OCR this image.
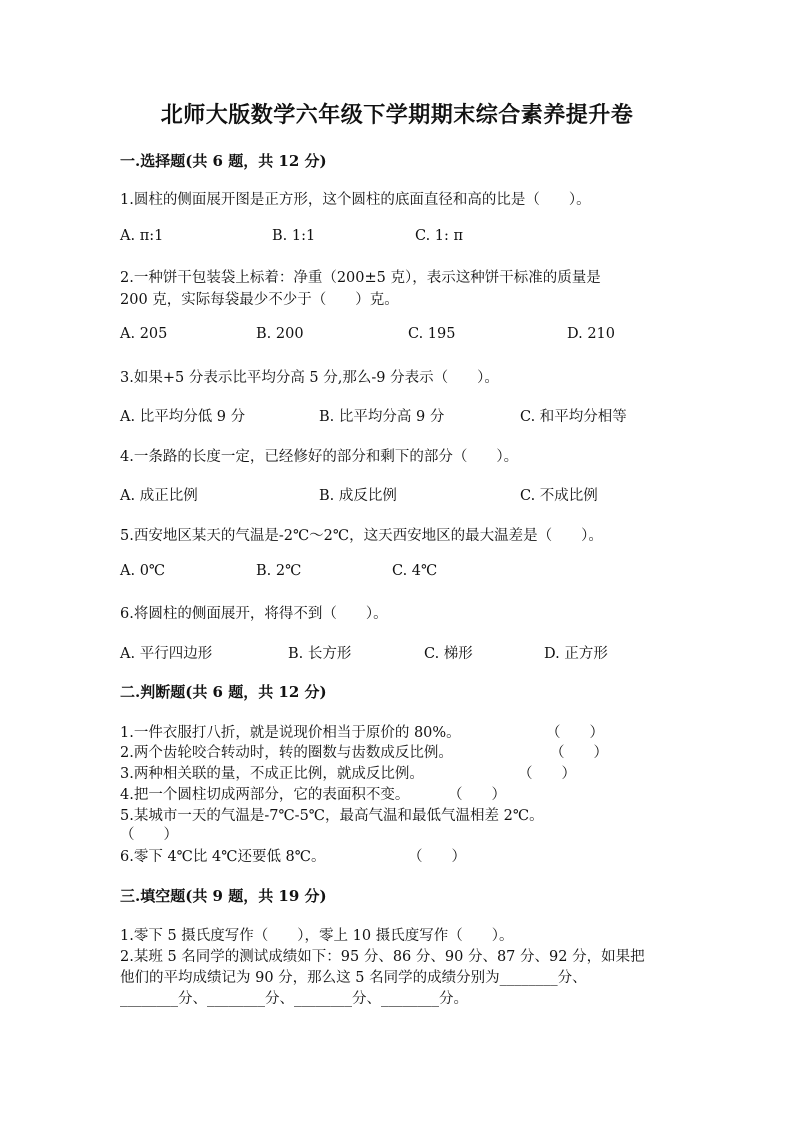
北师大版数学六年级下学期期末综合素养提升卷
一.选择题(共 6 题，共 12 分)
1.圆柱的侧面展开图是正方形，这个圆柱的底面直径和高的比是（　　）。
A. π:1	B. 1:1	C. 1: π
2.一种饼干包装袋上标着：净重（200±5 克），表示这种饼干标准的质量是
200 克，实际每袋最少不少于（　　）克。
A. 205	B. 200	C. 195	D. 210
3.如果+5 分表示比平均分高 5 分,那么-9 分表示（　　）。
A. 比平均分低 9 分	B. 比平均分高 9 分	C. 和平均分相等
4.一条路的长度一定，已经修好的部分和剩下的部分（　　）。
A. 成正比例	B. 成反比例	C. 不成比例
5.西安地区某天的气温是-2℃～2℃，这天西安地区的最大温差是（　　）。
A. 0℃	B. 2℃	C. 4℃
6.将圆柱的侧面展开，将得不到（　　）。
A. 平行四边形	B. 长方形	C. 梯形	D. 正方形
二.判断题(共 6 题，共 12 分)
1.一件衣服打八折，就是说现价相当于原价的 80%。	（　　）
2.两个齿轮咬合转动时，转的圈数与齿数成反比例。	（　　）
3.两种相关联的量，不成正比例，就成反比例。	（　　）
4.把一个圆柱切成两部分，它的表面积不变。	（　　）
5.某城市一天的气温是-7℃-5℃，最高气温和最低气温相差 2℃。
（　　）
6.零下 4℃比 4℃还要低 8℃。	（　　）
三.填空题(共 9 题，共 19 分)
1.零下 5 摄氏度写作（　　），零上 10 摄氏度写作（　　）。
2.某班 5 名同学的测试成绩如下：95 分、86 分、90 分、87 分、92 分，如果把
他们的平均成绩记为 90 分，那么这 5 名同学的成绩分别为________分、
________分、________分、________分、________分。
